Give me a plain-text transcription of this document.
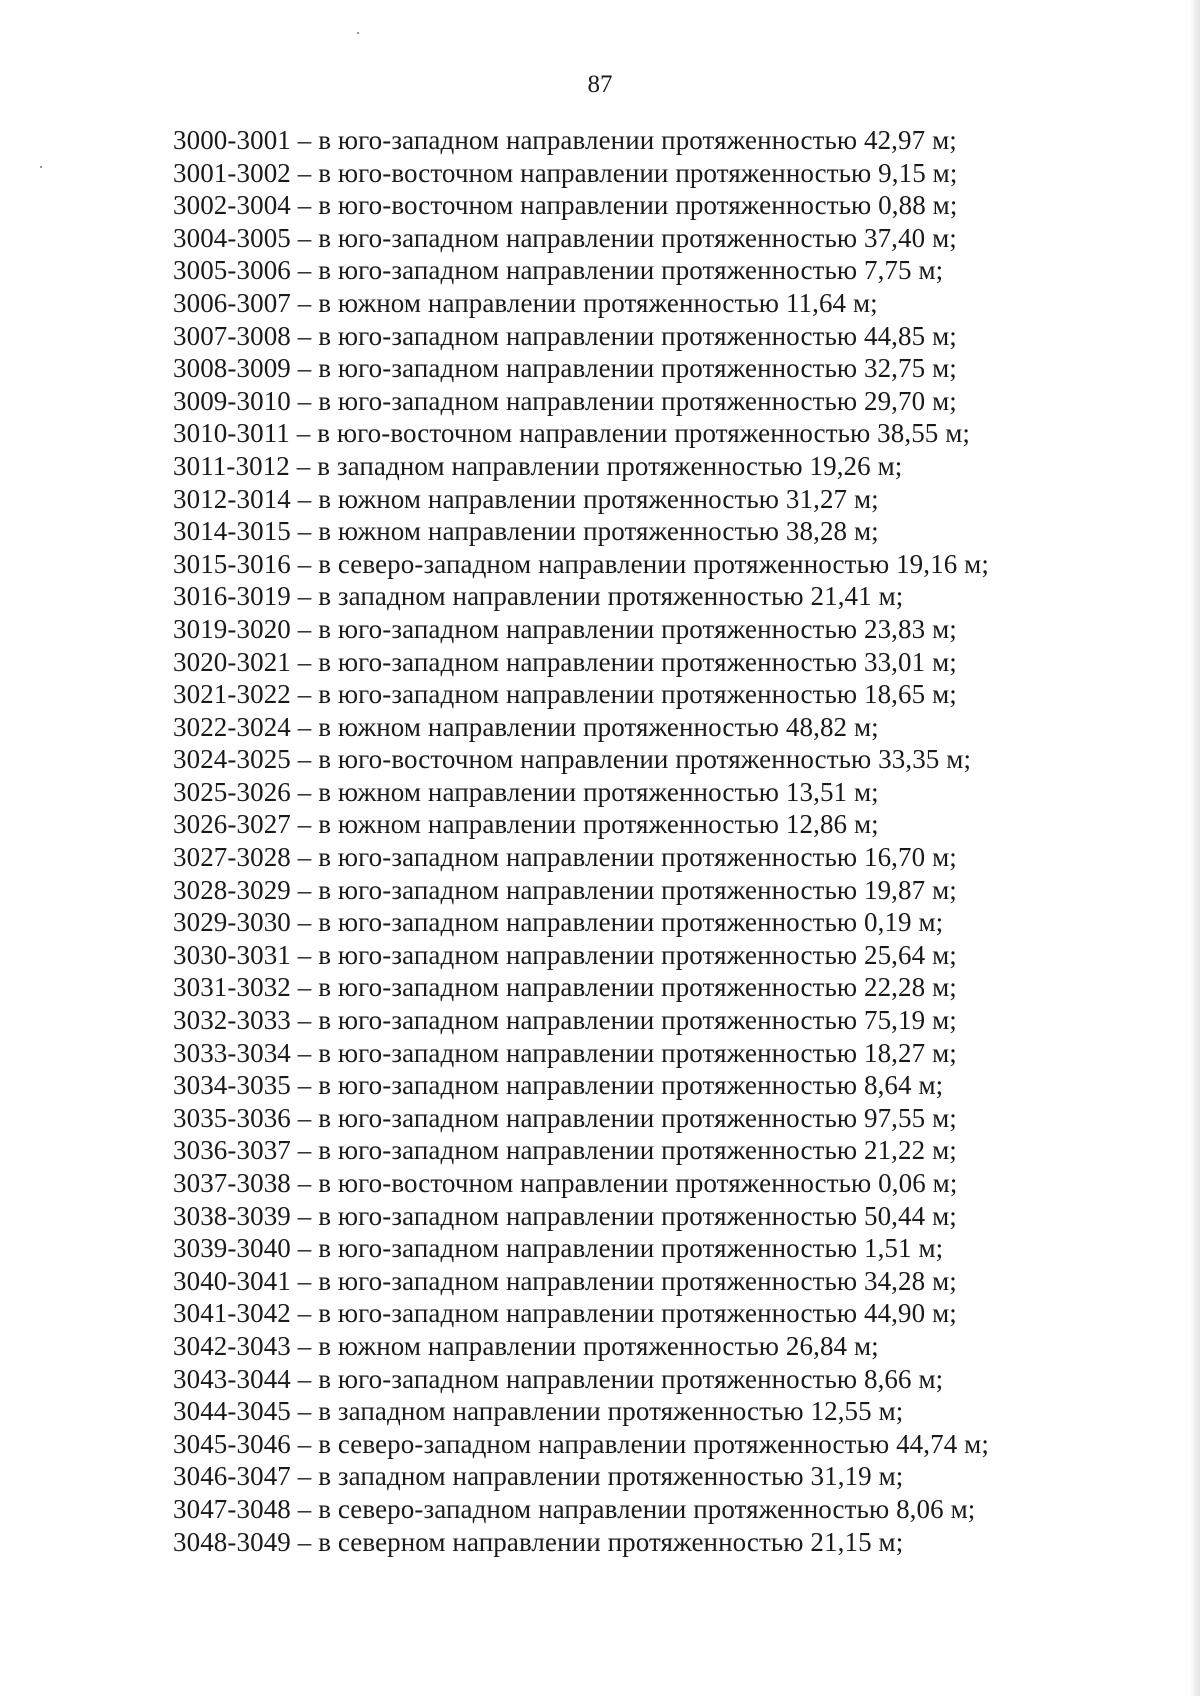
87
3000-3001 – в юго-западном направлении протяженностью 42,97 м;
3001-3002 – в юго-восточном направлении протяженностью 9,15 м;
3002-3004 – в юго-восточном направлении протяженностью 0,88 м;
3004-3005 – в юго-западном направлении протяженностью 37,40 м;
3005-3006 – в юго-западном направлении протяженностью 7,75 м;
3006-3007 – в южном направлении протяженностью 11,64 м;
3007-3008 – в юго-западном направлении протяженностью 44,85 м;
3008-3009 – в юго-западном направлении протяженностью 32,75 м;
3009-3010 – в юго-западном направлении протяженностью 29,70 м;
3010-3011 – в юго-восточном направлении протяженностью 38,55 м;
3011-3012 – в западном направлении протяженностью 19,26 м;
3012-3014 – в южном направлении протяженностью 31,27 м;
3014-3015 – в южном направлении протяженностью 38,28 м;
3015-3016 – в северо-западном направлении протяженностью 19,16 м;
3016-3019 – в западном направлении протяженностью 21,41 м;
3019-3020 – в юго-западном направлении протяженностью 23,83 м;
3020-3021 – в юго-западном направлении протяженностью 33,01 м;
3021-3022 – в юго-западном направлении протяженностью 18,65 м;
3022-3024 – в южном направлении протяженностью 48,82 м;
3024-3025 – в юго-восточном направлении протяженностью 33,35 м;
3025-3026 – в южном направлении протяженностью 13,51 м;
3026-3027 – в южном направлении протяженностью 12,86 м;
3027-3028 – в юго-западном направлении протяженностью 16,70 м;
3028-3029 – в юго-западном направлении протяженностью 19,87 м;
3029-3030 – в юго-западном направлении протяженностью 0,19 м;
3030-3031 – в юго-западном направлении протяженностью 25,64 м;
3031-3032 – в юго-западном направлении протяженностью 22,28 м;
3032-3033 – в юго-западном направлении протяженностью 75,19 м;
3033-3034 – в юго-западном направлении протяженностью 18,27 м;
3034-3035 – в юго-западном направлении протяженностью 8,64 м;
3035-3036 – в юго-западном направлении протяженностью 97,55 м;
3036-3037 – в юго-западном направлении протяженностью 21,22 м;
3037-3038 – в юго-восточном направлении протяженностью 0,06 м;
3038-3039 – в юго-западном направлении протяженностью 50,44 м;
3039-3040 – в юго-западном направлении протяженностью 1,51 м;
3040-3041 – в юго-западном направлении протяженностью 34,28 м;
3041-3042 – в юго-западном направлении протяженностью 44,90 м;
3042-3043 – в южном направлении протяженностью 26,84 м;
3043-3044 – в юго-западном направлении протяженностью 8,66 м;
3044-3045 – в западном направлении протяженностью 12,55 м;
3045-3046 – в северо-западном направлении протяженностью 44,74 м;
3046-3047 – в западном направлении протяженностью 31,19 м;
3047-3048 – в северо-западном направлении протяженностью 8,06 м;
3048-3049 – в северном направлении протяженностью 21,15 м;
